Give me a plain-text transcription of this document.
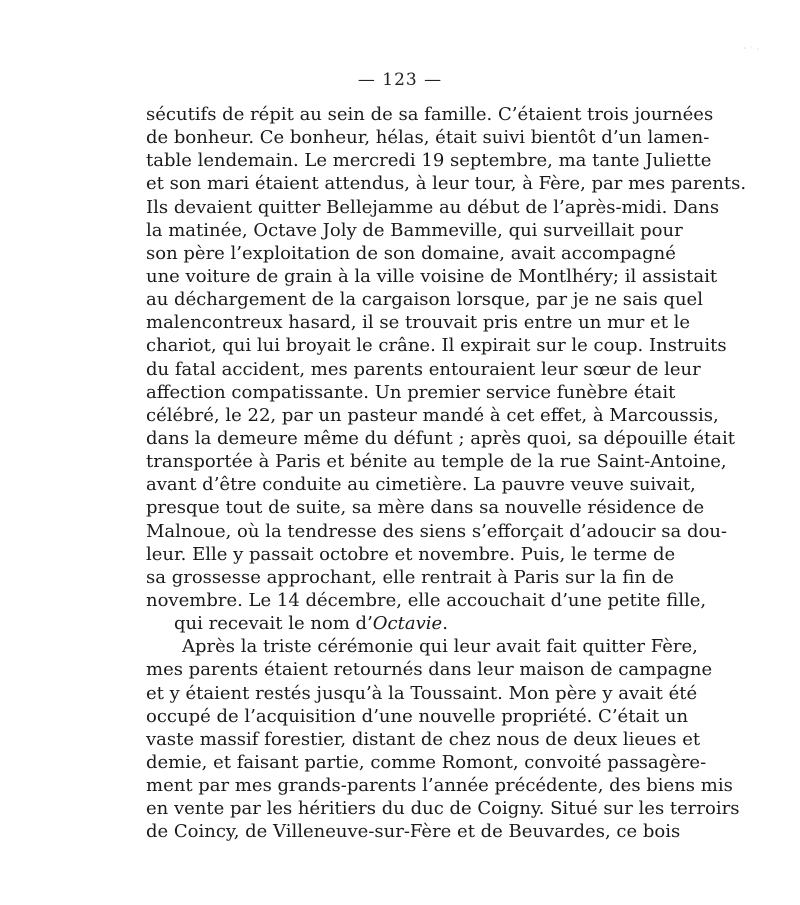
— 123 —
sécutifs de répit au sein de sa famille. C’étaient trois journées
de bonheur. Ce bonheur, hélas, était suivi bientôt d’un lamen-
table lendemain. Le mercredi 19 septembre, ma tante Juliette
et son mari étaient attendus, à leur tour, à Fère, par mes parents.
Ils devaient quitter Bellejamme au début de l’après-midi. Dans
la matinée, Octave Joly de Bammeville, qui surveillait pour
son père l’exploitation de son domaine, avait accompagné
une voiture de grain à la ville voisine de Montlhéry; il assistait
au déchargement de la cargaison lorsque, par je ne sais quel
malencontreux hasard, il se trouvait pris entre un mur et le
chariot, qui lui broyait le crâne. Il expirait sur le coup. Instruits
du fatal accident, mes parents entouraient leur sœur de leur
affection compatissante. Un premier service funèbre était
célébré, le 22, par un pasteur mandé à cet effet, à Marcoussis,
dans la demeure même du défunt ; après quoi, sa dépouille était
transportée à Paris et bénite au temple de la rue Saint-Antoine,
avant d’être conduite au cimetière. La pauvre veuve suivait,
presque tout de suite, sa mère dans sa nouvelle résidence de
Malnoue, où la tendresse des siens s’efforçait d’adoucir sa dou-
leur. Elle y passait octobre et novembre. Puis, le terme de
sa grossesse approchant, elle rentrait à Paris sur la fin de
novembre. Le 14 décembre, elle accouchait d’une petite fille,
qui recevait le nom d’Octavie.
Après la triste cérémonie qui leur avait fait quitter Fère,
mes parents étaient retournés dans leur maison de campagne
et y étaient restés jusqu’à la Toussaint. Mon père y avait été
occupé de l’acquisition d’une nouvelle propriété. C’était un
vaste massif forestier, distant de chez nous de deux lieues et
demie, et faisant partie, comme Romont, convoité passagère-
ment par mes grands-parents l’année précédente, des biens mis
en vente par les héritiers du duc de Coigny. Situé sur les terroirs
de Coincy, de Villeneuve-sur-Fère et de Beuvardes, ce bois
